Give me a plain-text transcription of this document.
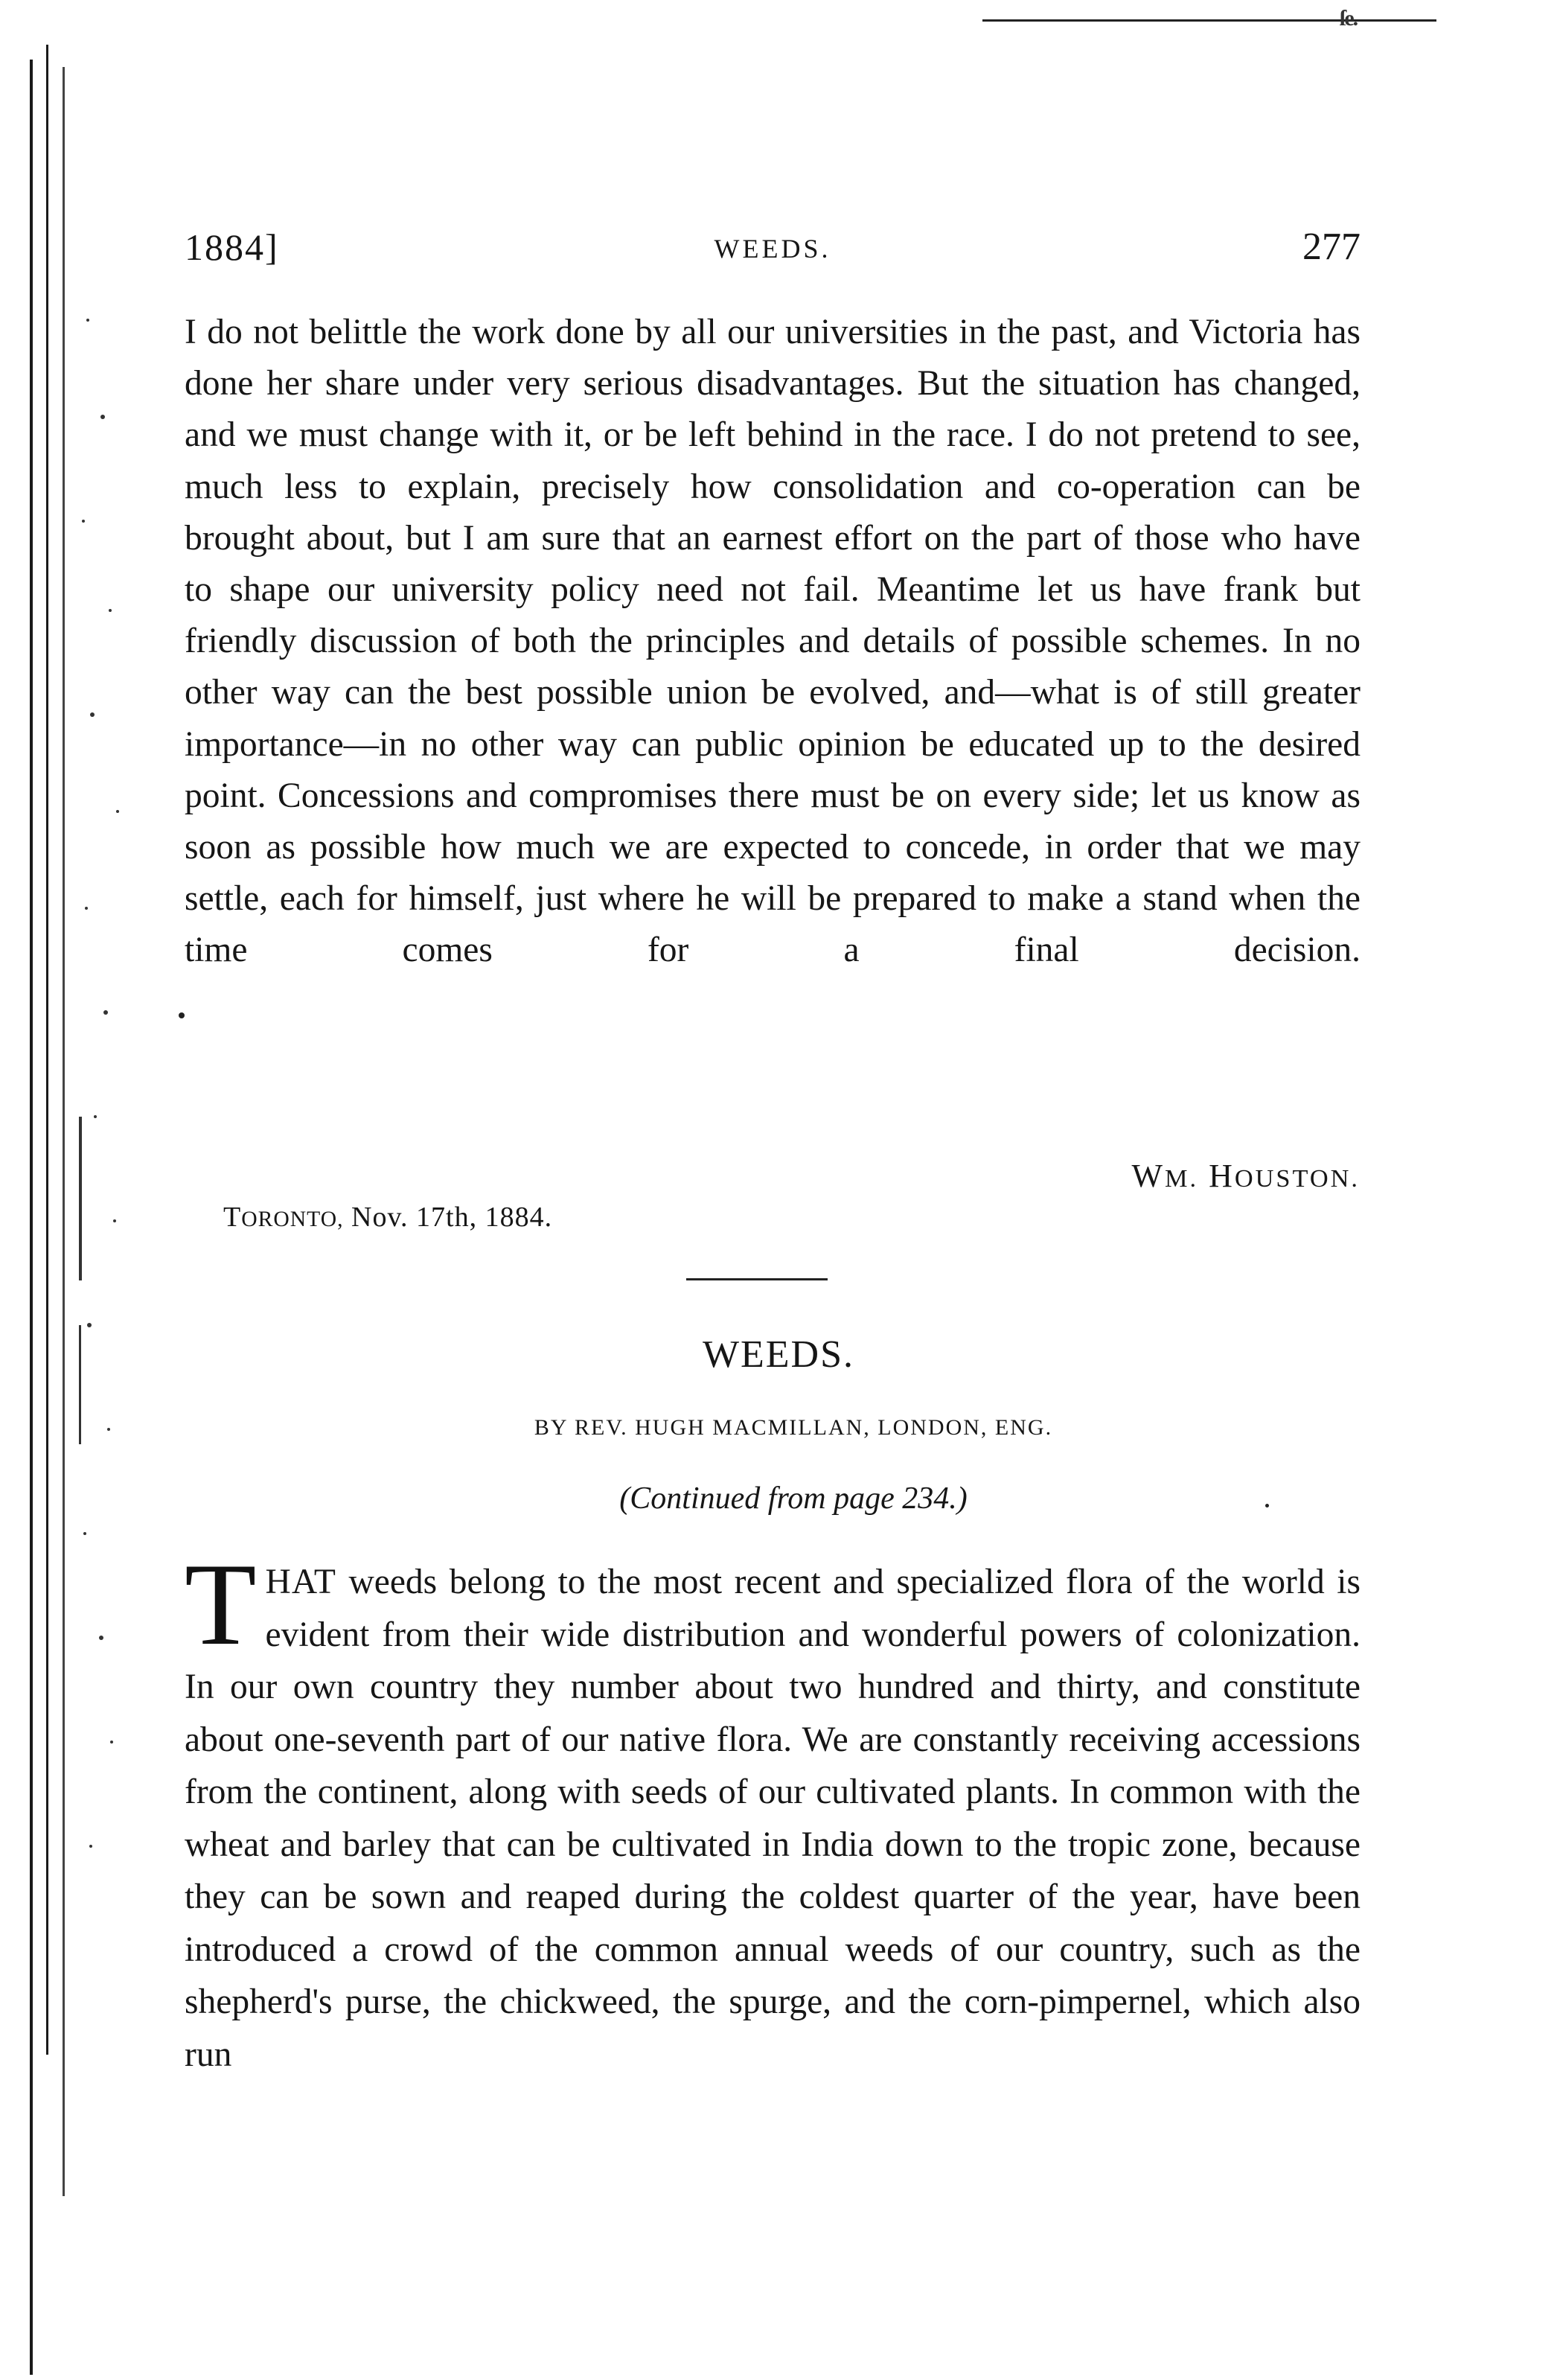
ſe.
1884]	WEEDS.	277

I do not belittle the work done by all our universities in the past, and Victoria has done her share under very serious disadvantages. But the situation has changed, and we must change with it, or be left behind in the race. I do not pretend to see, much less to explain, precisely how consolidation and co-operation can be brought about, but I am sure that an earnest effort on the part of those who have to shape our university policy need not fail. Meantime let us have frank but friendly discussion of both the principles and details of possible schemes. In no other way can the best possible union be evolved, and—what is of still greater importance—in no other way can public opinion be educated up to the desired point. Concessions and compromises there must be on every side; let us know as soon as possible how much we are expected to concede, in order that we may settle, each for himself, just where he will be prepared to make a stand when the time comes for a final decision.

WM. HOUSTON.
TORONTO, Nov. 17th, 1884.
WEEDS.
BY REV. HUGH MACMILLAN, LONDON, ENG.
(Continued from page 234.)

THAT weeds belong to the most recent and specialized flora of the world is evident from their wide distribution and wonderful powers of colonization. In our own country they number about two hundred and thirty, and constitute about one-seventh part of our native flora. We are constantly receiving accessions from the continent, along with seeds of our cultivated plants. In common with the wheat and barley that can be cultivated in India down to the tropic zone, because they can be sown and reaped during the coldest quarter of the year, have been introduced a crowd of the common annual weeds of our country, such as the shepherd's purse, the chickweed, the spurge, and the corn-pimpernel, which also run
